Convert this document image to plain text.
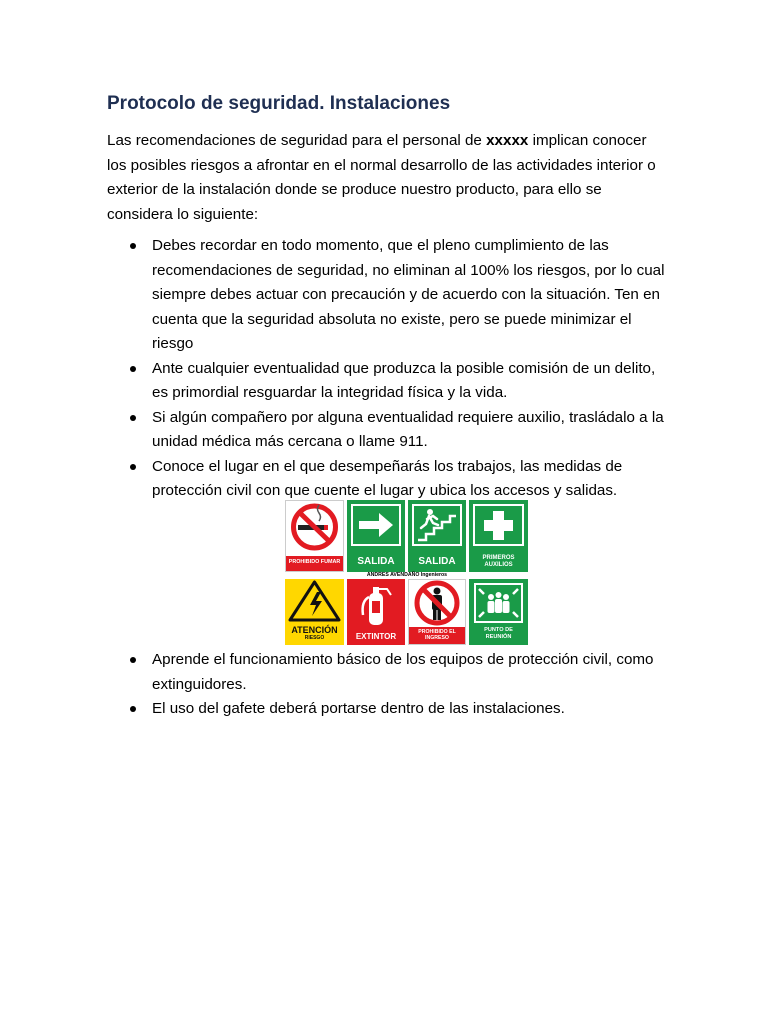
Protocolo de seguridad. Instalaciones

Las recomendaciones de seguridad para el personal de xxxxx implican conocer los posibles riesgos a afrontar en el normal desarrollo de las actividades interior o exterior de la instalación donde se produce nuestro producto, para ello se considera lo siguiente:

Debes recordar en todo momento, que el pleno cumplimiento de las recomendaciones de seguridad, no eliminan al 100% los riesgos, por lo cual siempre debes actuar con precaución y de acuerdo con la situación. Ten en cuenta que la seguridad absoluta no existe, pero se puede minimizar el riesgo
Ante cualquier eventualidad que produzca la posible comisión de un delito, es primordial resguardar la integridad física y la vida.
Si algún compañero por alguna eventualidad requiere auxilio, trasládalo a la unidad médica más cercana o llame 911.
Conoce el lugar en el que desempeñarás los trabajos, las medidas de protección civil con que cuente el lugar y ubica los accesos y salidas.
PROHIBIDO FUMAR	SALIDA	SALIDA	PRIMEROS AUXILIOS
ANDRES AVENDAÑO Ingenieros
ATENCIÓN
RIESGO	EXTINTOR	PROHIBIDO EL INGRESO
PUNTO DE REUNIÓN
Aprende el funcionamiento básico de los equipos de protección civil, como extinguidores.
El uso del gafete deberá portarse dentro de las instalaciones.
